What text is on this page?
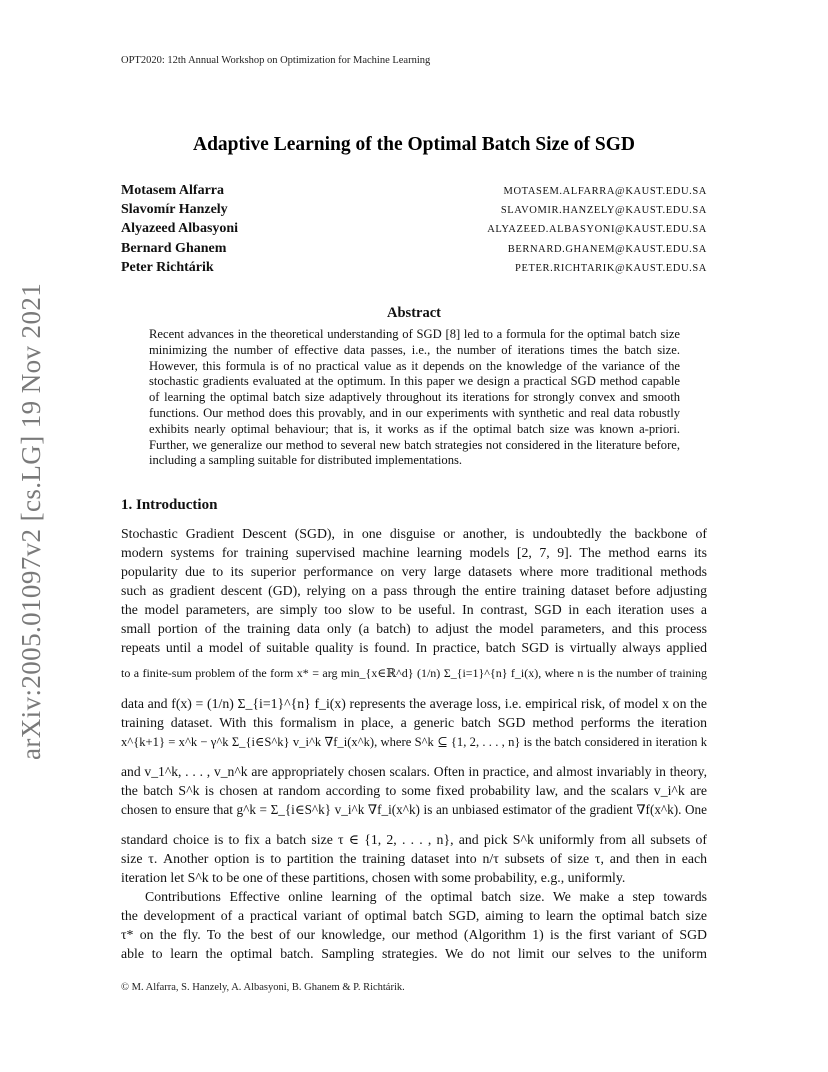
OPT2020: 12th Annual Workshop on Optimization for Machine Learning
arXiv:2005.01097v2 [cs.LG] 19 Nov 2021
Adaptive Learning of the Optimal Batch Size of SGD
Motasem Alfarra	MOTASEM.ALFARRA@KAUST.EDU.SA
Slavomír Hanzely	SLAVOMIR.HANZELY@KAUST.EDU.SA
Alyazeed Albasyoni	ALYAZEED.ALBASYONI@KAUST.EDU.SA
Bernard Ghanem	BERNARD.GHANEM@KAUST.EDU.SA
Peter Richtárik	PETER.RICHTARIK@KAUST.EDU.SA
Abstract
Recent advances in the theoretical understanding of SGD [8] led to a formula for the optimal batch size minimizing the number of effective data passes, i.e., the number of iterations times the batch size. However, this formula is of no practical value as it depends on the knowledge of the variance of the stochastic gradients evaluated at the optimum. In this paper we design a practical SGD method capable of learning the optimal batch size adaptively throughout its iterations for strongly convex and smooth functions. Our method does this provably, and in our experiments with synthetic and real data robustly exhibits nearly optimal behaviour; that is, it works as if the optimal batch size was known a-priori. Further, we generalize our method to several new batch strategies not considered in the literature before, including a sampling suitable for distributed implementations.
1. Introduction
Stochastic Gradient Descent (SGD), in one disguise or another, is undoubtedly the backbone of
modern systems for training supervised machine learning models [2, 7, 9]. The method earns its
popularity due to its superior performance on very large datasets where more traditional methods
such as gradient descent (GD), relying on a pass through the entire training dataset before adjusting
the model parameters, are simply too slow to be useful. In contrast, SGD in each iteration uses a
small portion of the training data only (a batch) to adjust the model parameters, and this process
repeats until a model of suitable quality is found. In practice, batch SGD is virtually always applied
to a finite-sum problem of the form x* = arg min_{x∈ℝ^d} (1/n) Σ_{i=1}^{n} f_i(x), where n is the number of training
data and f(x) = (1/n) Σ_{i=1}^{n} f_i(x) represents the average loss, i.e. empirical risk, of model x on the
training dataset. With this formalism in place, a generic batch SGD method performs the iteration
x^{k+1} = x^k − γ^k Σ_{i∈S^k} v_i^k ∇f_i(x^k), where S^k ⊆ {1, 2, . . . , n} is the batch considered in iteration k
and v_1^k, . . . , v_n^k are appropriately chosen scalars. Often in practice, and almost invariably in theory,
the batch S^k is chosen at random according to some fixed probability law, and the scalars v_i^k are
chosen to ensure that g^k = Σ_{i∈S^k} v_i^k ∇f_i(x^k) is an unbiased estimator of the gradient ∇f(x^k). One
standard choice is to fix a batch size τ ∈ {1, 2, . . . , n}, and pick S^k uniformly from all subsets of
size τ. Another option is to partition the training dataset into n/τ subsets of size τ, and then in each
iteration let S^k to be one of these partitions, chosen with some probability, e.g., uniformly.
Contributions Effective online learning of the optimal batch size. We make a step towards
the development of a practical variant of optimal batch SGD, aiming to learn the optimal batch size
τ* on the fly. To the best of our knowledge, our method (Algorithm 1) is the first variant of SGD
able to learn the optimal batch. Sampling strategies. We do not limit our selves to the uniform
© M. Alfarra, S. Hanzely, A. Albasyoni, B. Ghanem & P. Richtárik.
